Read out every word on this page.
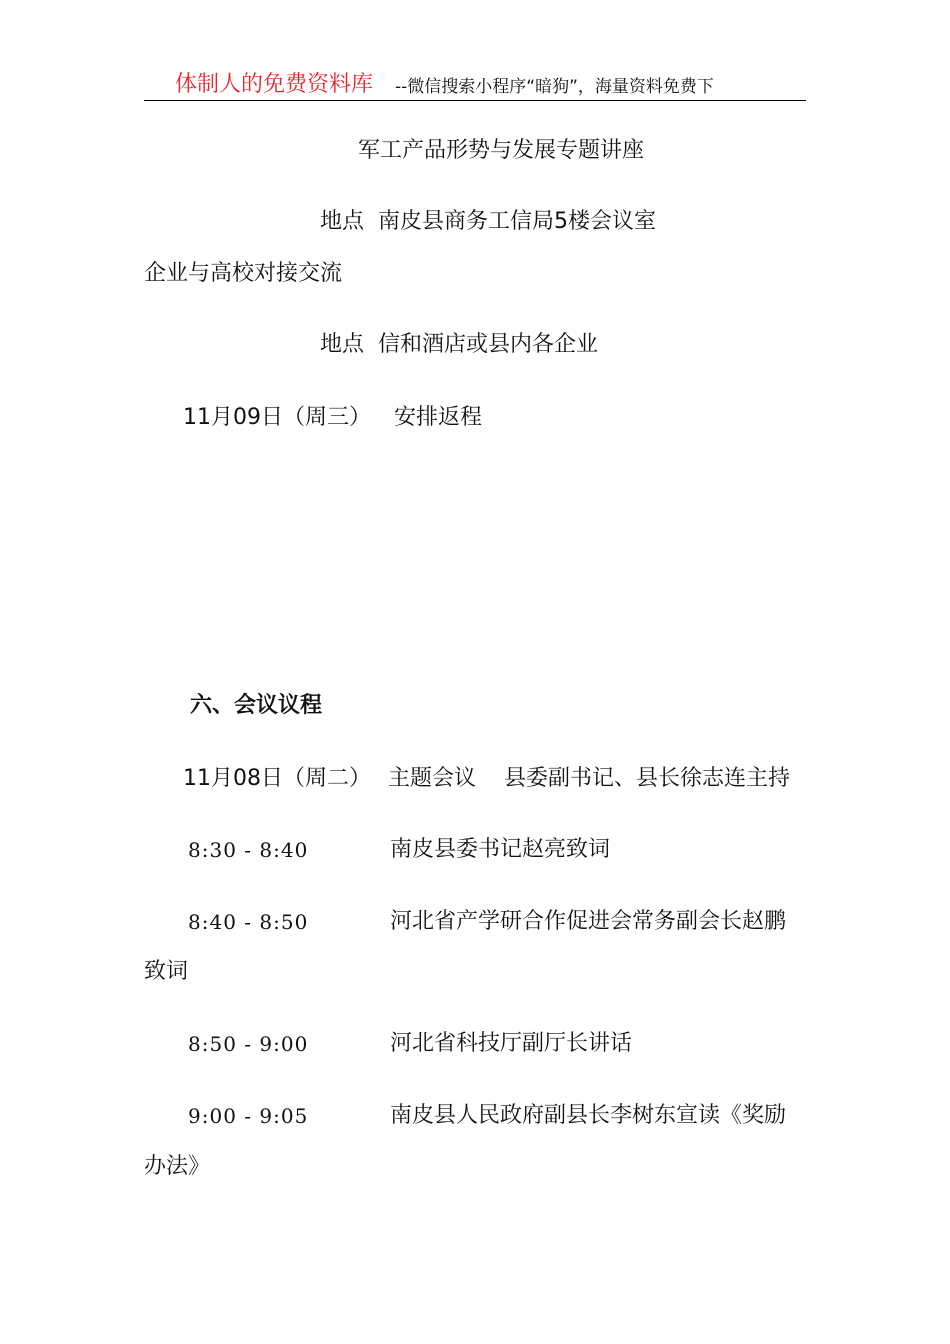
体制人的免费资料库 --微信搜索小程序“暗狗”，海量资料免费下
军工产品形势与发展专题讲座
地点 南皮县商务工信局5楼会议室
企业与高校对接交流
地点 信和酒店或县内各企业
11月09日（周三） 安排返程
六、会议议程
11月08日（周二） 主题会议 县委副书记、县长徐志连主持
8:30 - 8:40	南皮县委书记赵亮致词
8:40 - 8:50	河北省产学研合作促进会常务副会长赵鹏
致词
8:50 - 9:00	河北省科技厅副厅长讲话
9:00 - 9:05	南皮县人民政府副县长李树东宣读《奖励
办法》
